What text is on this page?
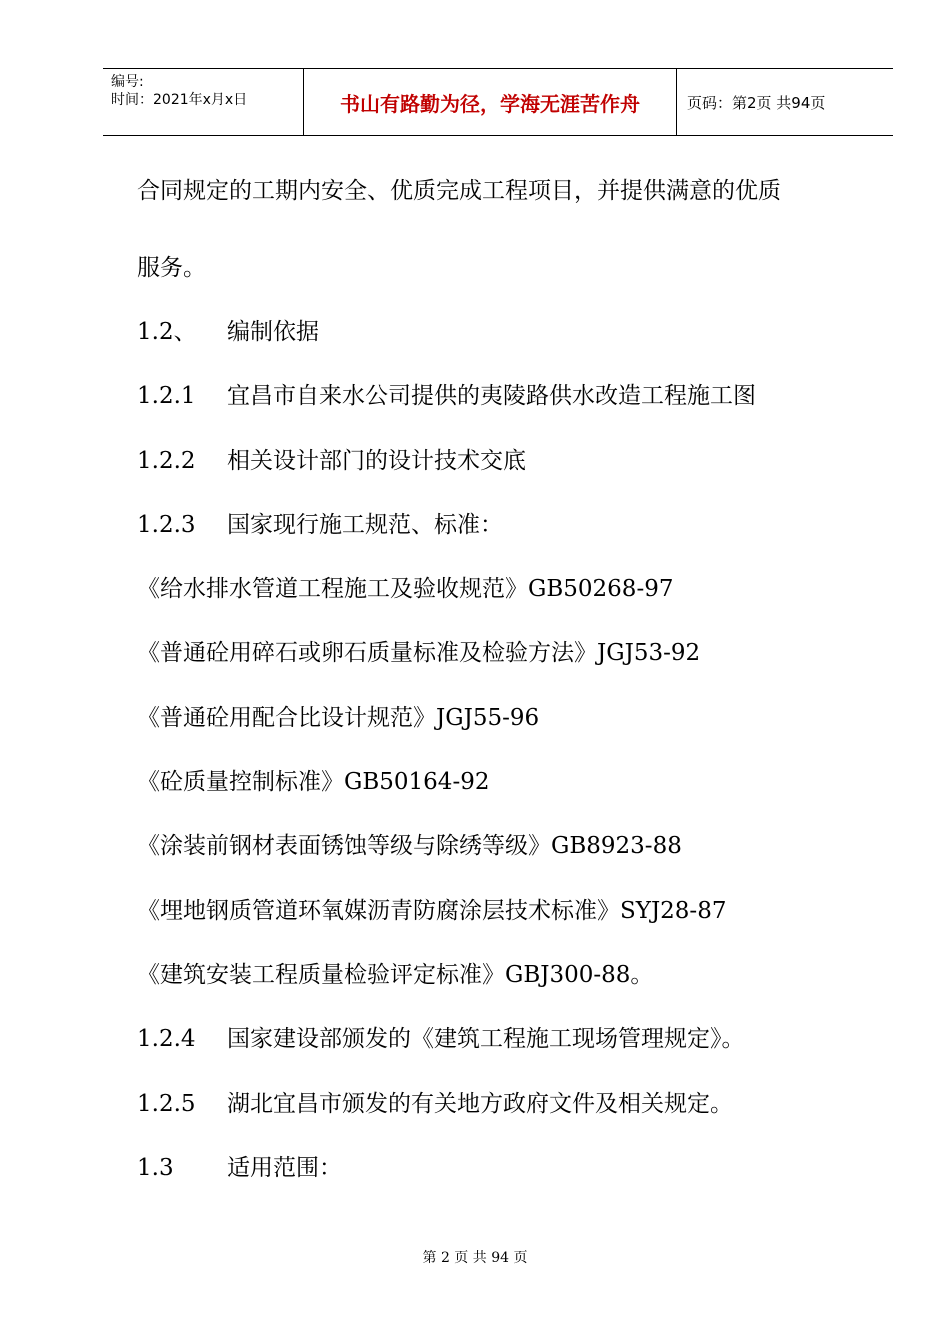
编号:
时间：2021年x月x日	书山有路勤为径，学海无涯苦作舟	页码：第2页 共94页
合同规定的工期内安全、优质完成工程项目，并提供满意的优质
服务。
1.2、 编制依据
1.2.1 宜昌市自来水公司提供的夷陵路供水改造工程施工图
1.2.2 相关设计部门的设计技术交底
1.2.3 国家现行施工规范、标准：
《给水排水管道工程施工及验收规范》GB50268-97
《普通砼用碎石或卵石质量标准及检验方法》JGJ53-92
《普通砼用配合比设计规范》JGJ55-96
《砼质量控制标准》GB50164-92
《涂装前钢材表面锈蚀等级与除绣等级》GB8923-88
《埋地钢质管道环氧媒沥青防腐涂层技术标准》SYJ28-87
《建筑安装工程质量检验评定标准》GBJ300-88。
1.2.4 国家建设部颁发的《建筑工程施工现场管理规定》。
1.2.5 湖北宜昌市颁发的有关地方政府文件及相关规定。
1.3 适用范围：
第 2 页 共 94 页
